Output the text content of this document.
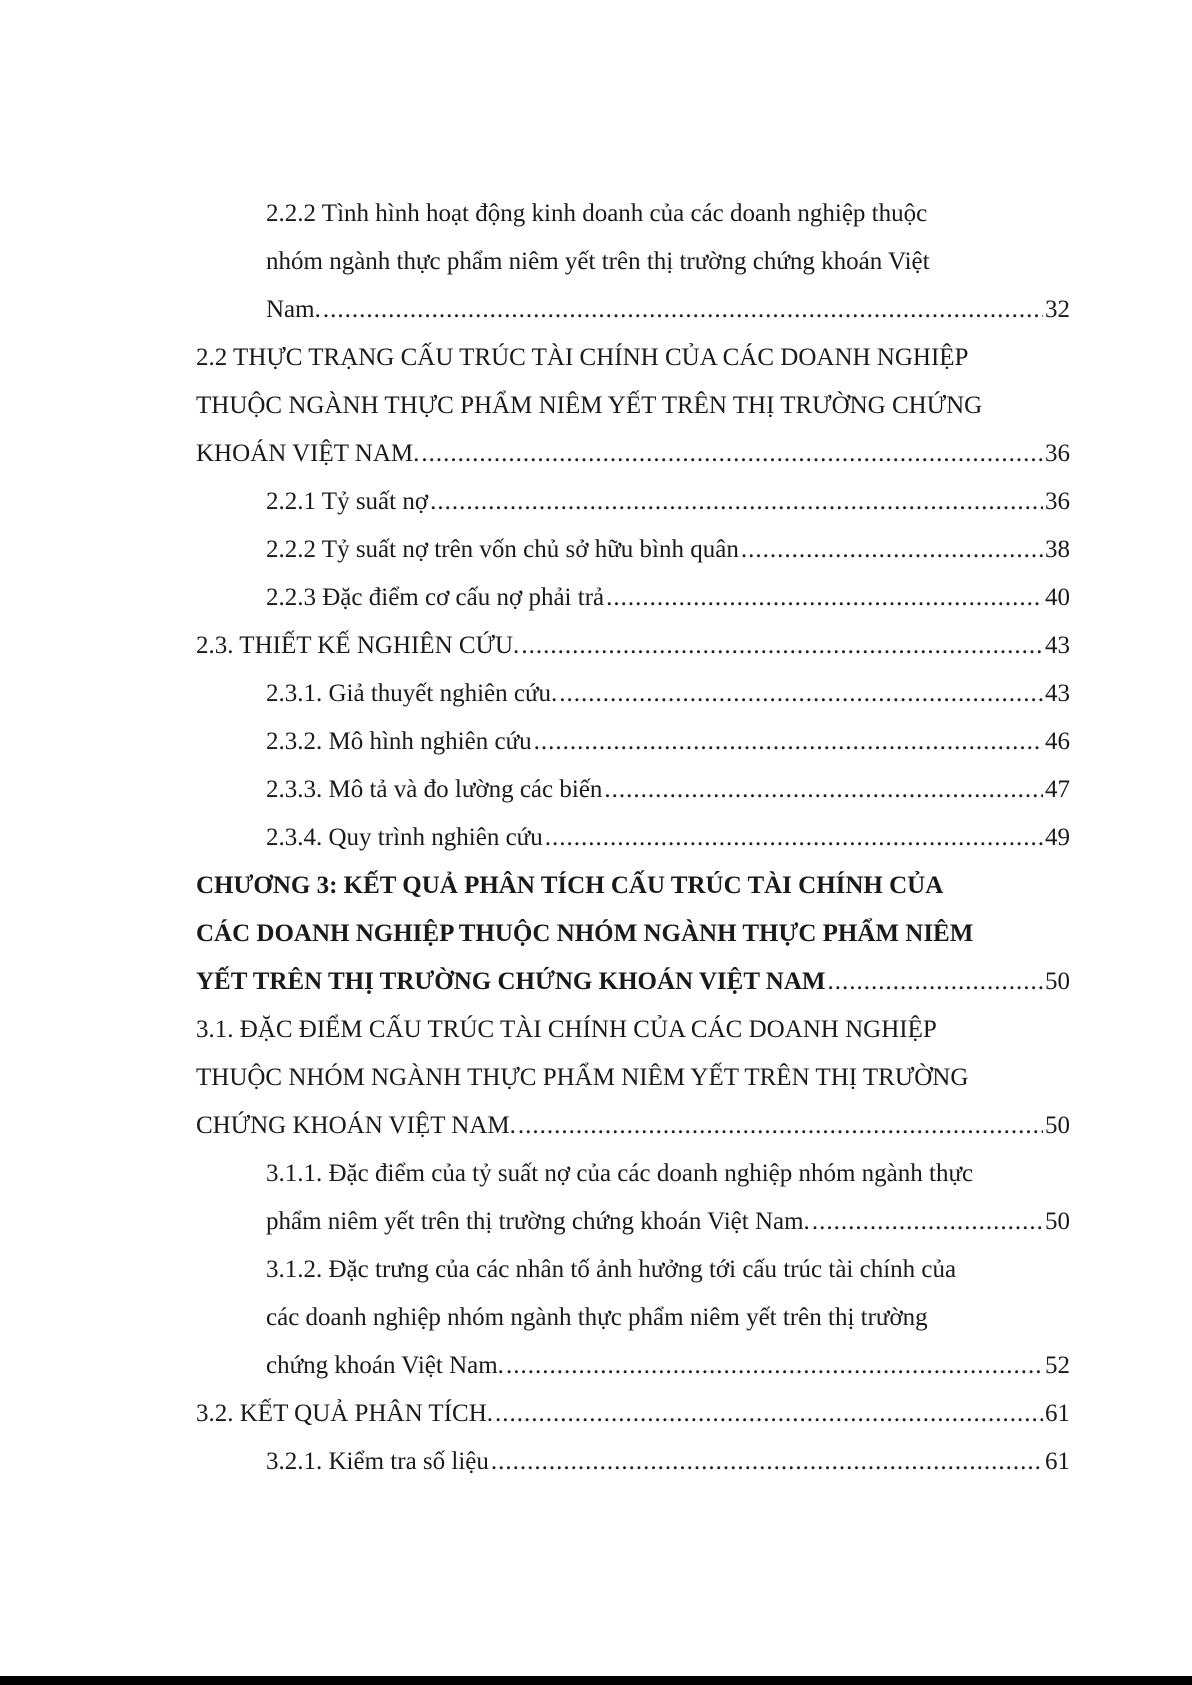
2.2.2 Tình hình hoạt động kinh doanh của các doanh nghiệp thuộc
nhóm ngành thực phẩm niêm yết trên thị trường chứng khoán Việt
Nam. .....	32
2.2 THỰC TRẠNG CẤU TRÚC TÀI CHÍNH CỦA CÁC DOANH NGHIỆP
THUỘC NGÀNH THỰC PHẨM NIÊM YẾT TRÊN THỊ TRƯỜNG CHỨNG
KHOÁN VIỆT NAM. .....	36
2.2.1 Tỷ suất nợ .....	36
2.2.2 Tỷ suất nợ trên vốn chủ sở hữu bình quân .....	38
2.2.3 Đặc điểm cơ cấu nợ phải trả .....	40
2.3. THIẾT KẾ NGHIÊN CỨU. .....	43
2.3.1. Giả thuyết nghiên cứu. .....	43
2.3.2. Mô hình nghiên cứu .....	46
2.3.3. Mô tả và đo lường các biến .....	47
2.3.4. Quy trình nghiên cứu .....	49
CHƯƠNG 3: KẾT QUẢ PHÂN TÍCH CẤU TRÚC TÀI CHÍNH CỦA
CÁC DOANH NGHIỆP THUỘC NHÓM NGÀNH THỰC PHẨM NIÊM
YẾT TRÊN THỊ TRƯỜNG CHỨNG KHOÁN VIỆT NAM .....	50
3.1. ĐẶC ĐIỂM CẤU TRÚC TÀI CHÍNH CỦA CÁC DOANH NGHIỆP
THUỘC NHÓM NGÀNH THỰC PHẨM NIÊM YẾT TRÊN THỊ TRƯỜNG
CHỨNG KHOÁN VIỆT NAM. .....	50
3.1.1. Đặc điểm của tỷ suất nợ của các doanh nghiệp nhóm ngành thực
phẩm niêm yết trên thị trường chứng khoán Việt Nam. .....	50
3.1.2. Đặc trưng của các nhân tố ảnh hưởng tới cấu trúc tài chính của
các doanh nghiệp nhóm ngành thực phẩm niêm yết trên thị trường
chứng khoán Việt Nam. .....	52
3.2. KẾT QUẢ PHÂN TÍCH. .....	61
3.2.1. Kiểm tra số liệu .....	61
